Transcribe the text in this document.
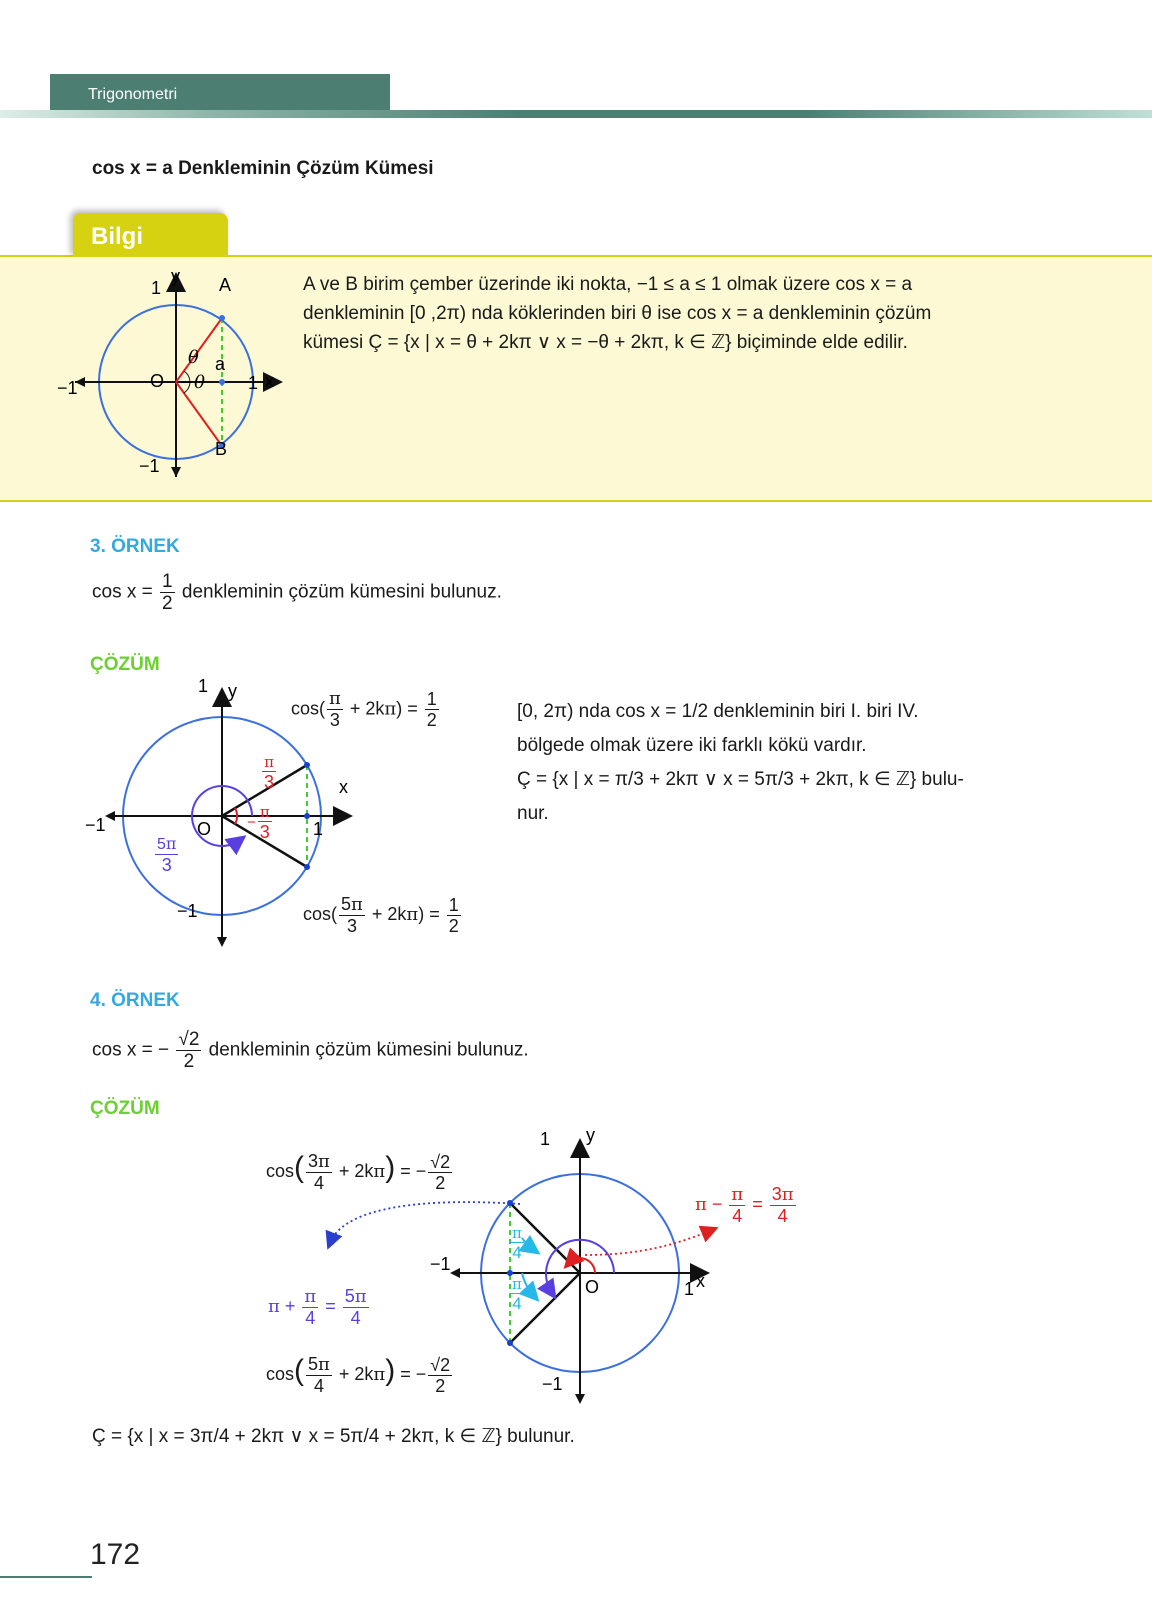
Trigonometri
cos x = a Denkleminin Çözüm Kümesi
Bilgi
1
y A
−1	O
θ a
−θ 1 x
B
−1
A ve B birim çember üzerinde iki nokta, −1 ≤ a ≤ 1 olmak üzere cos x = a
denkleminin [0 ,2π) nda köklerinden biri θ ise cos x = a denkleminin çözüm
kümesi Ç = {x | x = θ + 2kπ ∨ x = −θ + 2kπ, k ∈ ℤ} biçiminde elde edilir.
3. ÖRNEK
$\cos x = \frac{1}{2}$ denkleminin çözüm kümesini bulunuz.
ÇÖZÜM
1 y
−1	O	1
x
−1
$\frac{\pi}{3}$
− $\frac{\pi}{3}$
$\frac{5\pi}{3}$
$\cos( \frac{\pi}{3} + 2k\pi) = \frac{1}{2}$
$\cos( \frac{5\pi}{3} + 2k\pi) = \frac{1}{2}$
[0, 2π) nda cos x = 1/2 denkleminin biri I. biri IV.
bölgede olmak üzere iki farklı kökü vardır.
Ç = {x | x = π/3 + 2kπ ∨ x = 5π/3 + 2kπ, k ∈ ℤ} bulu-
nur.
4. ÖRNEK
cos x = − $\frac{√2}{2}$ denkleminin çözüm kümesini bulunuz.
ÇÖZÜM
1 y
−1
O	1 x
−1
$\frac{\pi}{4}$
$\frac{\pi}{4}$
$\pi - \frac{\pi}{4} = \frac{3\pi}{4}$
$\pi + \frac{\pi}{4} = \frac{5\pi}{4}$
$\cos( \frac{3\pi}{4} + 2k\pi)$ = − $\frac{√2}{2}$
$\cos( \frac{5\pi}{4} + 2k\pi)$ = − $\frac{√2}{2}$
Ç = {x | x = 3π/4 + 2kπ ∨ x = 5π/4 + 2kπ, k ∈ ℤ} bulunur.
172
